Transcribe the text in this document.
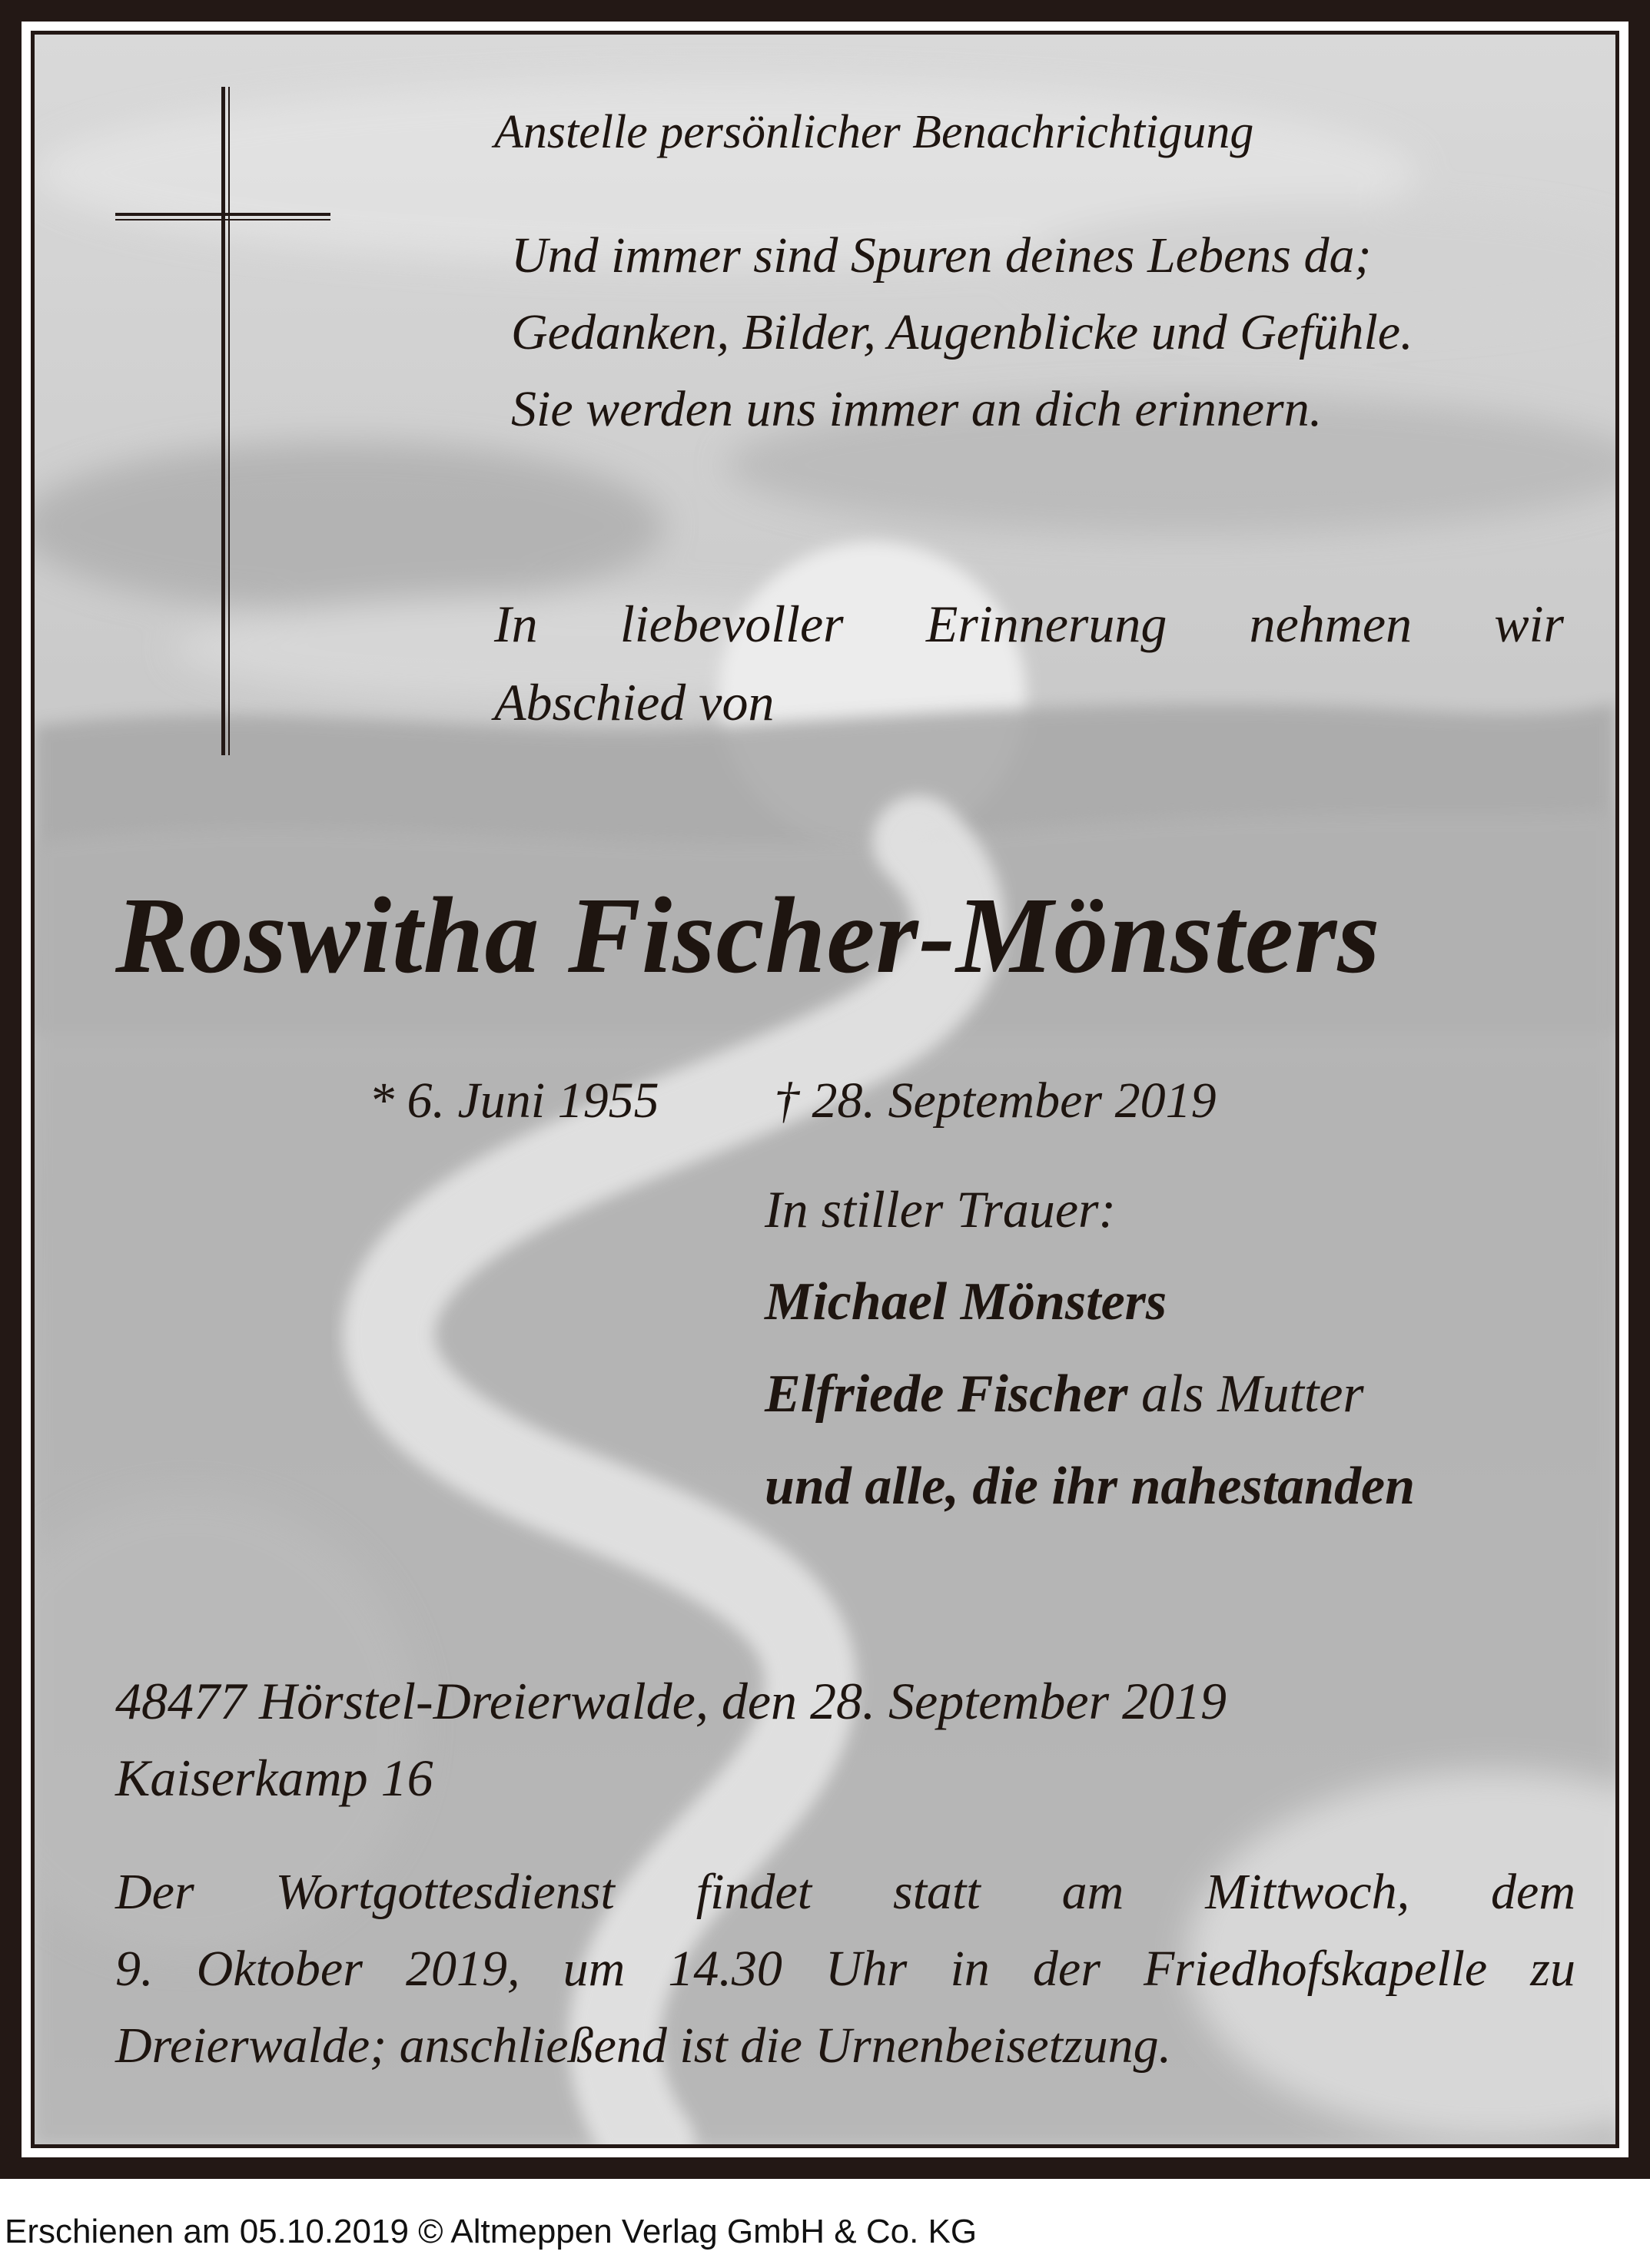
Anstelle persönlicher Benachrichtigung
Und immer sind Spuren deines Lebens da;
Gedanken, Bilder, Augenblicke und Gefühle.
Sie werden uns immer an dich erinnern.
In liebevoller Erinnerung nehmen wir
Abschied von
Roswitha Fischer-Mönsters
* 6. Juni 1955 † 28. September 2019
In stiller Trauer:
Michael Mönsters
Elfriede Fischer als Mutter
und alle, die ihr nahestanden
48477 Hörstel-Dreierwalde, den 28. September 2019
Kaiserkamp 16
Der Wortgottesdienst findet statt am Mittwoch, dem
9. Oktober 2019, um 14.30 Uhr in der Friedhofskapelle zu
Dreierwalde; anschließend ist die Urnenbeisetzung.
Erschienen am 05.10.2019 © Altmeppen Verlag GmbH & Co. KG
